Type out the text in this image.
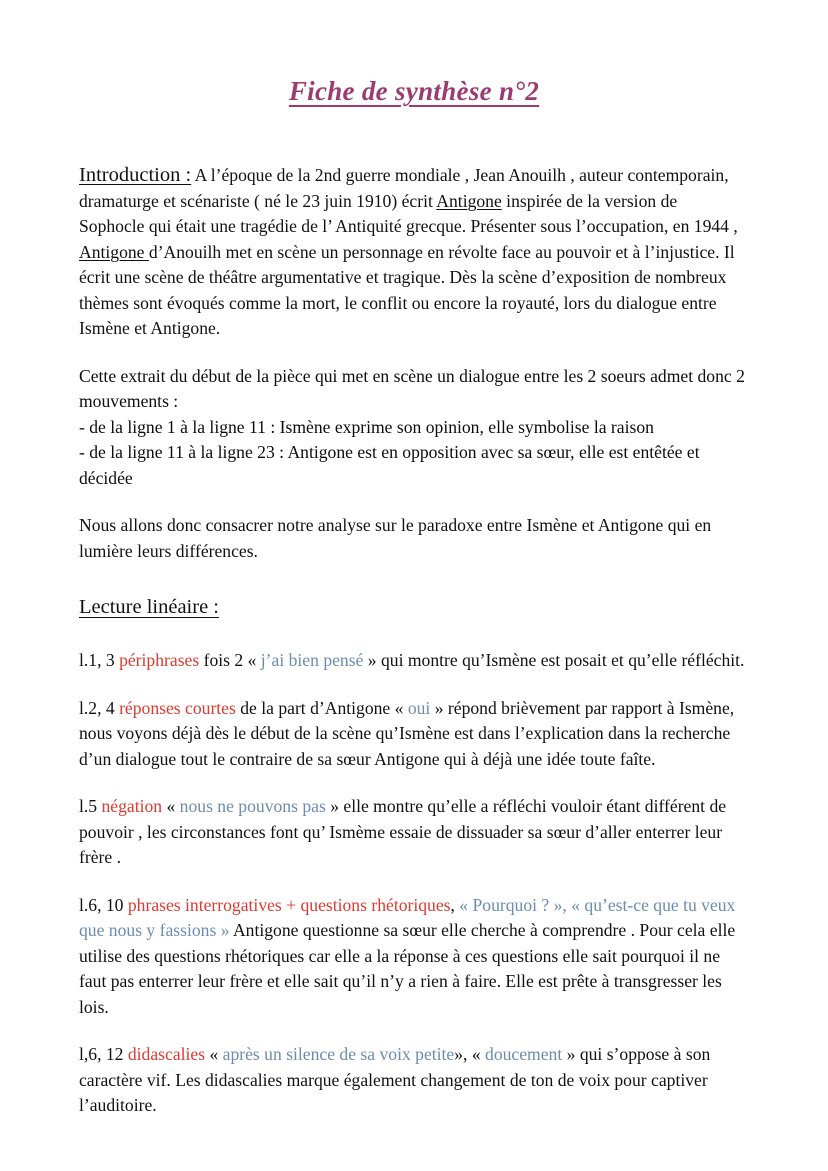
Fiche de synthèse n°2

Introduction : A l’époque de la 2nd guerre mondiale , Jean Anouilh , auteur contemporain, dramaturge et scénariste ( né le 23 juin 1910) écrit Antigone inspirée de la version de Sophocle qui était une tragédie de l’ Antiquité grecque. Présenter sous l’occupation, en 1944 , Antigone d’Anouilh met en scène un personnage en révolte face au pouvoir et à l’injustice. Il écrit une scène de théâtre argumentative et tragique. Dès la scène d’exposition de nombreux thèmes sont évoqués comme la mort, le conflit ou encore la royauté, lors du dialogue entre Ismène et Antigone.

Cette extrait du début de la pièce qui met en scène un dialogue entre les 2 soeurs admet donc 2 mouvements :

- de la ligne 1 à la ligne 11 : Ismène exprime son opinion, elle symbolise la raison

- de la ligne 11 à la ligne 23 : Antigone est en opposition avec sa sœur, elle est entêtée et décidée

Nous allons donc consacrer notre analyse sur le paradoxe entre Ismène et Antigone qui en lumière leurs différences.

Lecture linéaire :

l.1, 3 périphrases fois 2 « j’ai bien pensé » qui montre qu’Ismène est posait et qu’elle réfléchit.

l.2, 4 réponses courtes de la part d’Antigone « oui » répond brièvement par rapport à Ismène, nous voyons déjà dès le début de la scène qu’Ismène est dans l’explication dans la recherche d’un dialogue tout le contraire de sa sœur Antigone qui à déjà une idée toute faîte.

l.5 négation « nous ne pouvons pas » elle montre qu’elle a réfléchi vouloir étant différent de pouvoir , les circonstances font qu’ Ismème essaie de dissuader sa sœur d’aller enterrer leur frère .

l.6, 10 phrases interrogatives + questions rhétoriques, « Pourquoi ? », « qu’est-ce que tu veux que nous y fassions » Antigone questionne sa sœur elle cherche à comprendre . Pour cela elle utilise des questions rhétoriques car elle a la réponse à ces questions elle sait pourquoi il ne faut pas enterrer leur frère et elle sait qu’il n’y a rien à faire. Elle est prête à transgresser les lois.

l,6, 12 didascalies « après un silence de sa voix petite», « doucement » qui s’oppose à son caractère vif. Les didascalies marque également changement de ton de voix pour captiver l’auditoire.
